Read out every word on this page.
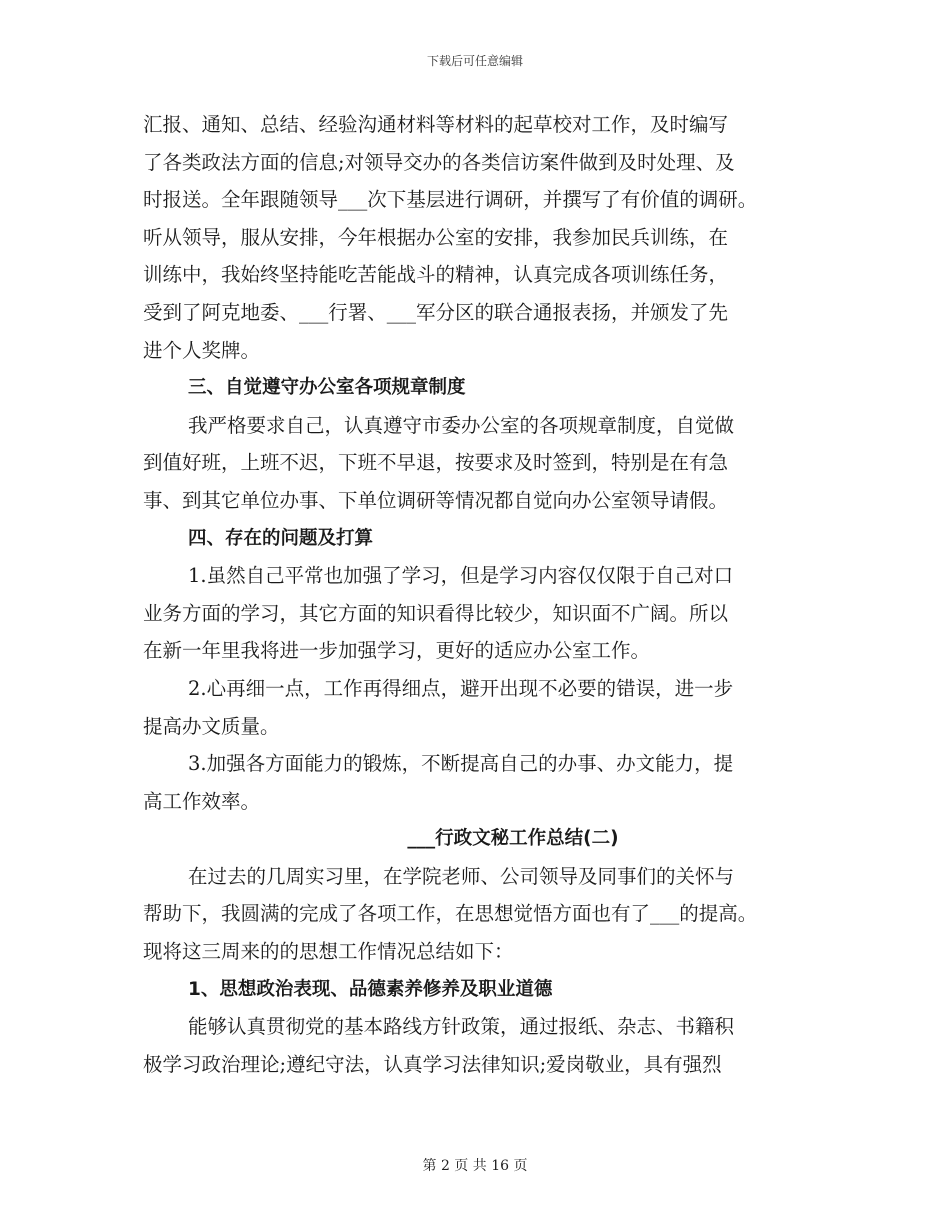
下载后可任意编辑
汇报、通知、总结、经验沟通材料等材料的起草校对工作，及时编写
了各类政法方面的信息;对领导交办的各类信访案件做到及时处理、及
时报送。全年跟随领导___次下基层进行调研，并撰写了有价值的调研。
听从领导，服从安排，今年根据办公室的安排，我参加民兵训练，在
训练中，我始终坚持能吃苦能战斗的精神，认真完成各项训练任务，
受到了阿克地委、___行署、___军分区的联合通报表扬，并颁发了先
进个人奖牌。
三、自觉遵守办公室各项规章制度
我严格要求自己，认真遵守市委办公室的各项规章制度，自觉做
到值好班，上班不迟，下班不早退，按要求及时签到，特别是在有急
事、到其它单位办事、下单位调研等情况都自觉向办公室领导请假。
四、存在的问题及打算
1.虽然自己平常也加强了学习，但是学习内容仅仅限于自己对口
业务方面的学习，其它方面的知识看得比较少，知识面不广阔。所以
在新一年里我将进一步加强学习，更好的适应办公室工作。
2.心再细一点，工作再得细点，避开出现不必要的错误，进一步
提高办文质量。
3.加强各方面能力的锻炼，不断提高自己的办事、办文能力，提
高工作效率。
___行政文秘工作总结(二)
在过去的几周实习里，在学院老师、公司领导及同事们的关怀与
帮助下，我圆满的完成了各项工作，在思想觉悟方面也有了___的提高。
现将这三周来的的思想工作情况总结如下：
1、思想政治表现、品德素养修养及职业道德
能够认真贯彻党的基本路线方针政策，通过报纸、杂志、书籍积
极学习政治理论;遵纪守法，认真学习法律知识;爱岗敬业，具有强烈
第 2 页 共 16 页
